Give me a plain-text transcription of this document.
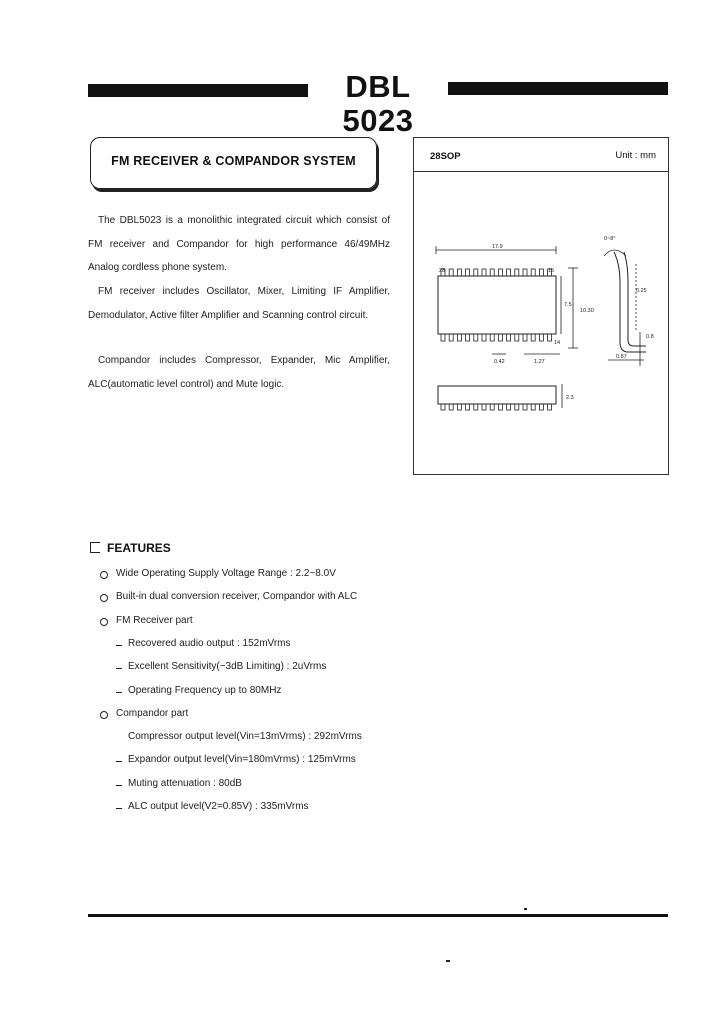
DBL 5023
FM RECEIVER & COMPANDOR SYSTEM
The DBL5023 is a monolithic integrated circuit which consist of FM receiver and Compandor for high performance 46/49MHz Analog cordless phone system.
FM receiver includes Oscillator, Mixer, Limiting IF Amplifier, Demodulator, Active filter Amplifier and Scanning control circuit.
Compandor includes Compressor, Expander, Mic Amplifier, ALC(automatic level control) and Mute logic.
28SOP	Unit : mm
17.9
28	15
14
10.30
7.5
0.42	1.27
2.3
0~8°
0.25
0.8
0.87
FEATURES
Wide Operating Supply Voltage Range : 2.2~8.0V
Built-in dual conversion receiver, Compandor with ALC
FM Receiver part
Recovered audio output : 152mVrms
Excellent Sensitivity(−3dB Limiting) : 2uVrms
Operating Frequency up to 80MHz
Compandor part
Compressor output level(Vin=13mVrms) : 292mVrms
Expandor output level(Vin=180mVrms) : 125mVrms
Muting attenuation : 80dB
ALC output level(V2=0.85V) : 335mVrms
